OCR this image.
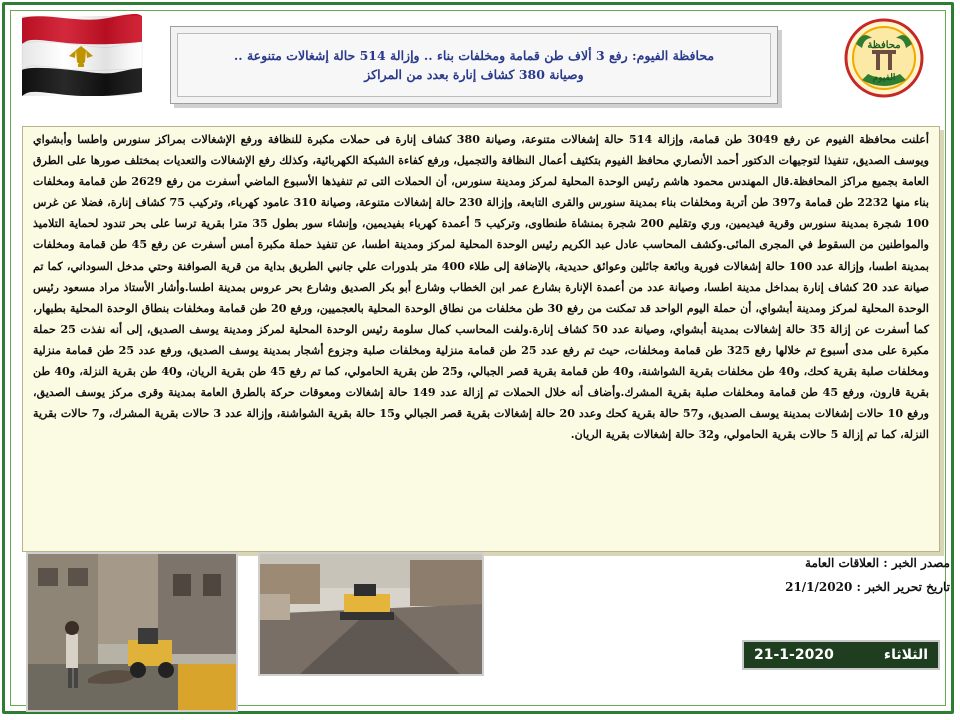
محافظة الفيوم: رفع 3 ألاف طن قمامة ومخلفات بناء .. وإزالة 514 حالة إشغالات متنوعة ..
وصيانة 380 كشاف إنارة بعدد من المراكز
محافظة
الفيوم
أعلنت محافظة الفيوم عن رفع 3049 طن قمامة، وإزالة 514 حالة إشغالات متنوعة، وصيانة 380 كشاف إنارة فى حملات مكبرة للنظافة ورفع الإشغالات بمراكز سنورس واطسا وأبشواي ويوسف الصديق، تنفيذا لتوجيهات الدكتور أحمد الأنصاري محافظ الفيوم بتكثيف أعمال النظافة والتجميل، ورفع كفاءة الشبكة الكهربائية، وكذلك رفع الإشغالات والتعديات بمختلف صورها على الطرق العامة بجميع مراكز المحافظة.قال المهندس محمود هاشم رئيس الوحدة المحلية لمركز ومدينة سنورس، أن الحملات التى تم تنفيذها الأسبوع الماضي أسفرت من رفع 2629 طن قمامة ومخلفات بناء منها 2232 طن قمامة و397 طن أتربة ومخلفات بناء بمدينة سنورس والقرى التابعة، وإزالة 230 حالة إشغالات متنوعة، وصيانة 310 عامود كهرباء، وتركيب 75 كشاف إنارة، فضلا عن غرس 100 شجرة بمدينة سنورس وقرية فيديمين، وري وتقليم 200 شجرة بمنشاة طنطاوى، وتركيب 5 أعمدة كهرباء بفيديمين، وإنشاء سور بطول 35 مترا بقرية ترسا على بحر تندود لحماية التلاميذ والمواطنين من السقوط في المجرى المائى.وكشف المحاسب عادل عبد الكريم رئيس الوحدة المحلية لمركز ومدينة اطسا، عن تنفيذ حملة مكبرة أمس أسفرت عن رفع 45 طن قمامة ومخلفات بمدينة اطسا، وإزالة عدد 100 حالة إشغالات فورية وبائعة جائلين وعوائق حديدية، بالإضافة إلى طلاء 400 متر بلدورات علي جانبي الطريق بداية من قرية الصوافنة وحتي مدخل السوداني، كما تم صيانة عدد 20 كشاف إنارة بمداخل مدينة اطسا، وصيانة عدد من أعمدة الإنارة بشارع عمر ابن الخطاب وشارع أبو بكر الصديق وشارع بحر عروس بمدينة اطسا.وأشار الأستاذ مراد مسعود رئيس الوحدة المحلية لمركز ومدينة أبشواي، أن حملة اليوم الواحد قد تمكنت من رفع 30 طن مخلفات من نطاق الوحدة المحلية بالعجميين، ورفع 20 طن قمامة ومخلفات بنطاق الوحدة المحلية بطبهار، كما أسفرت عن إزالة 35 حالة إشغالات بمدينة أبشواي، وصيانة عدد 50 كشاف إنارة.ولفت المحاسب كمال سلومة رئيس الوحدة المحلية لمركز ومدينة يوسف الصديق، إلى أنه نفذت 25 حملة مكبرة على مدى أسبوع تم خلالها رفع 325 طن قمامة ومخلفات، حيث تم رفع عدد 25 طن قمامة منزلية ومخلفات صلبة وجزوع أشجار بمدينة يوسف الصديق، ورفع عدد 25 طن قمامة منزلية ومخلفات صلبة بقرية كحك، و40 طن مخلفات بقرية الشواشنة، و40 طن قمامة بقرية قصر الجبالي، و25 طن بقرية الحامولي، كما تم رفع 45 طن بقرية الريان، و40 طن بقرية النزلة، و40 طن بقرية قارون، ورفع 45 طن قمامة ومخلفات صلبة بقرية المشرك.وأضاف أنه خلال الحملات تم إزالة عدد 149 حالة إشغالات ومعوقات حركة بالطرق العامة بمدينة وقرى مركز يوسف الصديق، ورفع 10 حالات إشغالات بمدينة يوسف الصديق، و57 حالة بقرية كحك وعدد 20 حالة إشغالات بقرية قصر الجبالي و15 حالة بقرية الشواشنة، وإزالة عدد 3 حالات بقرية المشرك، و7 حالات بقرية النزلة، كما تم إزالة 5 حالات بقرية الحامولي، و32 حالة إشغالات بقرية الريان.
مصدر الخبر : العلاقات العامة
تاريخ تحرير الخبر : 21/1/2020
21-1-2020	الثلاثاء
